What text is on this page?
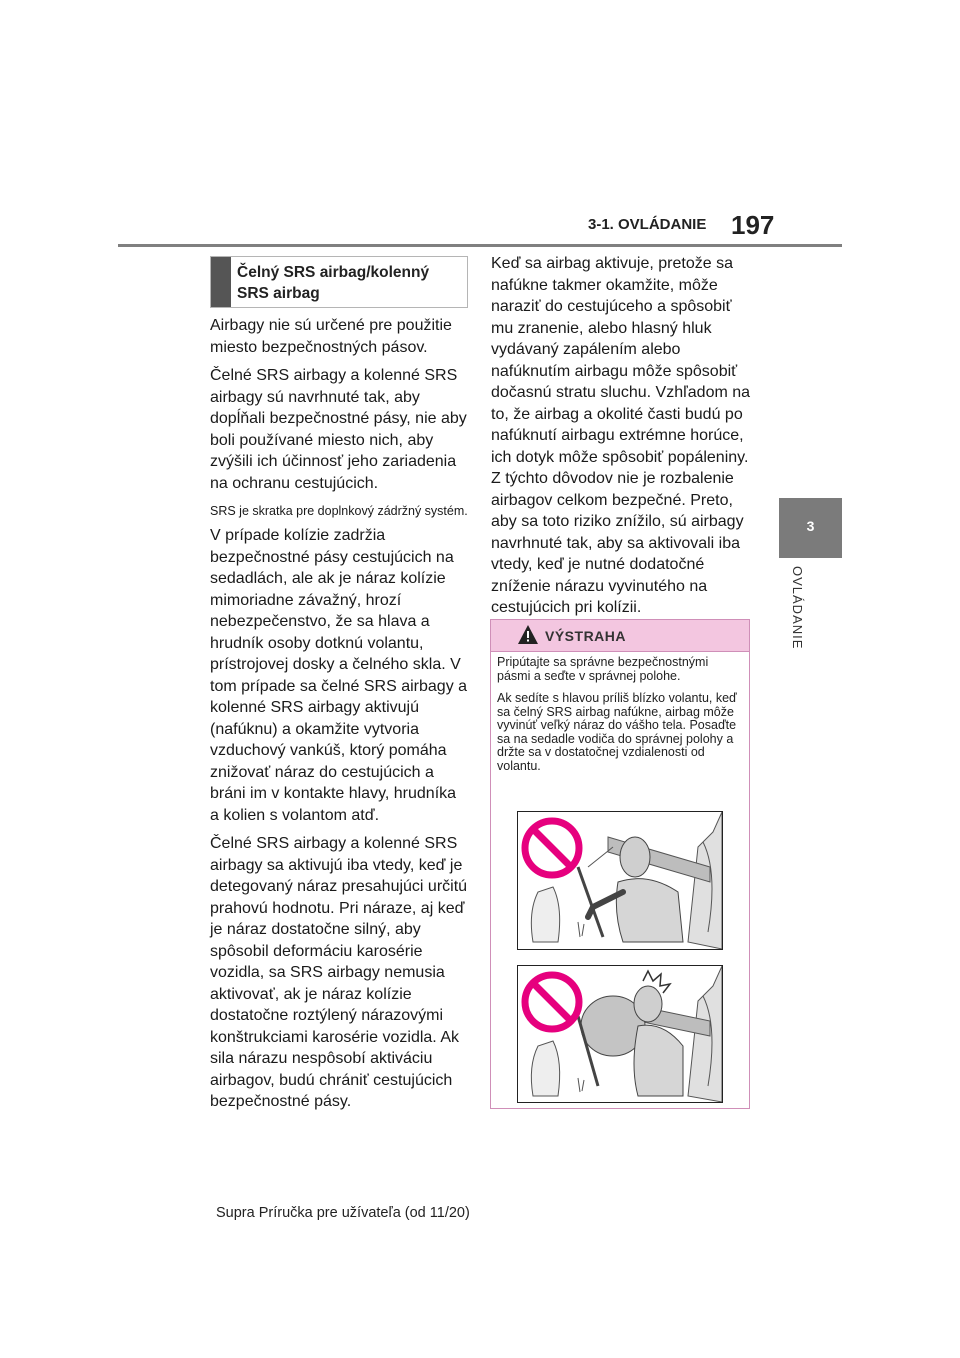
3-1. OVLÁDANIE 197
3
OVLÁDANIE
Čelný SRS airbag/kolenný SRS airbag

Airbagy nie sú určené pre použitie miesto bezpečnostných pásov.

Čelné SRS airbagy a kolenné SRS airbagy sú navrhnuté tak, aby dopĺňali bezpečnostné pásy, nie aby boli používané miesto nich, aby zvýšili ich účinnosť jeho zariadenia na ochranu cestujúcich.

SRS je skratka pre doplnkový zádržný systém.

V prípade kolízie zadržia bezpečnostné pásy cestujúcich na sedadlách, ale ak je náraz kolízie mimoriadne závažný, hrozí nebezpečenstvo, že sa hlava a hrudník osoby dotknú volantu, prístrojovej dosky a čelného skla. V tom prípade sa čelné SRS airbagy a kolenné SRS airbagy aktivujú (nafúknu) a okamžite vytvoria vzduchový vankúš, ktorý pomáha znižovať náraz do cestujúcich a bráni im v kontakte hlavy, hrudníka a kolien s volantom atď.

Čelné SRS airbagy a kolenné SRS airbagy sa aktivujú iba vtedy, keď je detegovaný náraz presahujúci určitú prahovú hodnotu. Pri náraze, aj keď je náraz dostatočne silný, aby spôsobil deformáciu karosérie vozidla, sa SRS airbagy nemusia aktivovať, ak je náraz kolízie dostatočne roztýlený nárazovými konštrukciami karosérie vozidla. Ak sila nárazu nespôsobí aktiváciu airbagov, budú chrániť cestujúcich bezpečnostné pásy.

Keď sa airbag aktivuje, pretože sa nafúkne takmer okamžite, môže naraziť do cestujúceho a spôsobiť mu zranenie, alebo hlasný hluk vydávaný zapálením alebo nafúknutím airbagu môže spôsobiť dočasnú stratu sluchu. Vzhľadom na to, že airbag a okolité časti budú po nafúknutí airbagu extrémne horúce, ich dotyk môže spôsobiť popáleniny. Z týchto dôvodov nie je rozbalenie airbagov celkom bezpečné. Preto, aby sa toto riziko znížilo, sú airbagy navrhnuté tak, aby sa aktivovali iba vtedy, keď je nutné dodatočné zníženie nárazu vyvinutého na cestujúcich pri kolízii.

VÝSTRAHA

Pripútajte sa správne bezpečnostnými pásmi a seďte v správnej polohe.

Ak sedíte s hlavou príliš blízko volantu, keď sa čelný SRS airbag nafúkne, airbag môže vyvinúť veľký náraz do vášho tela. Posaďte sa na sedadle vodiča do správnej polohy a držte sa v dostatočnej vzdialenosti od volantu.

Supra Príručka pre užívateľa (od 11/20)
